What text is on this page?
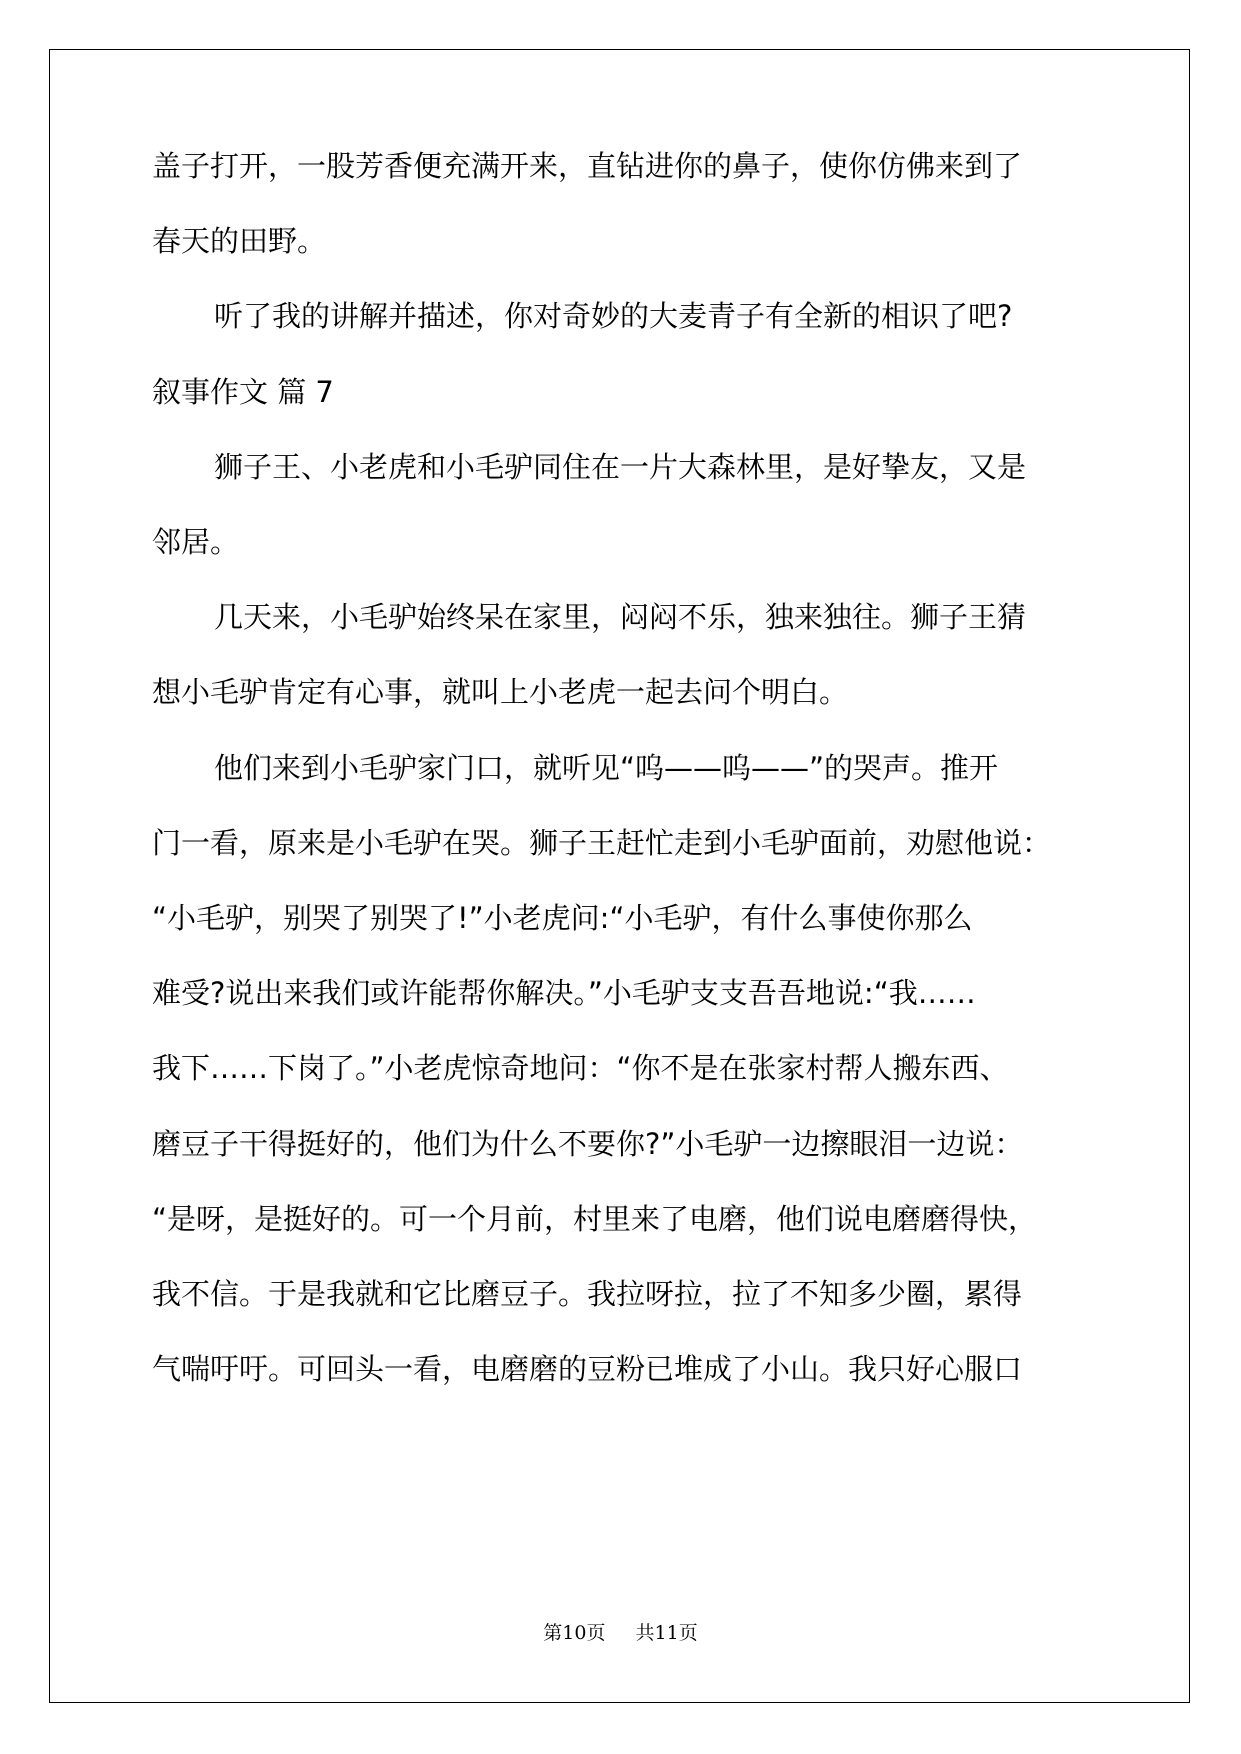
盖子打开，一股芳香便充满开来，直钻进你的鼻子，使你仿佛来到了
春天的田野。
听了我的讲解并描述，你对奇妙的大麦青子有全新的相识了吧?
叙事作文 篇 7
狮子王、小老虎和小毛驴同住在一片大森林里，是好挚友，又是
邻居。
几天来，小毛驴始终呆在家里，闷闷不乐，独来独往。狮子王猜
想小毛驴肯定有心事，就叫上小老虎一起去问个明白。
他们来到小毛驴家门口，就听见“呜——呜——”的哭声。推开
门一看，原来是小毛驴在哭。狮子王赶忙走到小毛驴面前，劝慰他说：
“小毛驴，别哭了别哭了!”小老虎问:“小毛驴，有什么事使你那么
难受?说出来我们或许能帮你解决。”小毛驴支支吾吾地说:“我……
我下……下岗了。”小老虎惊奇地问：“你不是在张家村帮人搬东西、
磨豆子干得挺好的，他们为什么不要你?”小毛驴一边擦眼泪一边说：
“是呀，是挺好的。可一个月前，村里来了电磨，他们说电磨磨得快，
我不信。于是我就和它比磨豆子。我拉呀拉，拉了不知多少圈，累得
气喘吁吁。可回头一看，电磨磨的豆粉已堆成了小山。我只好心服口
第10页 共11页
